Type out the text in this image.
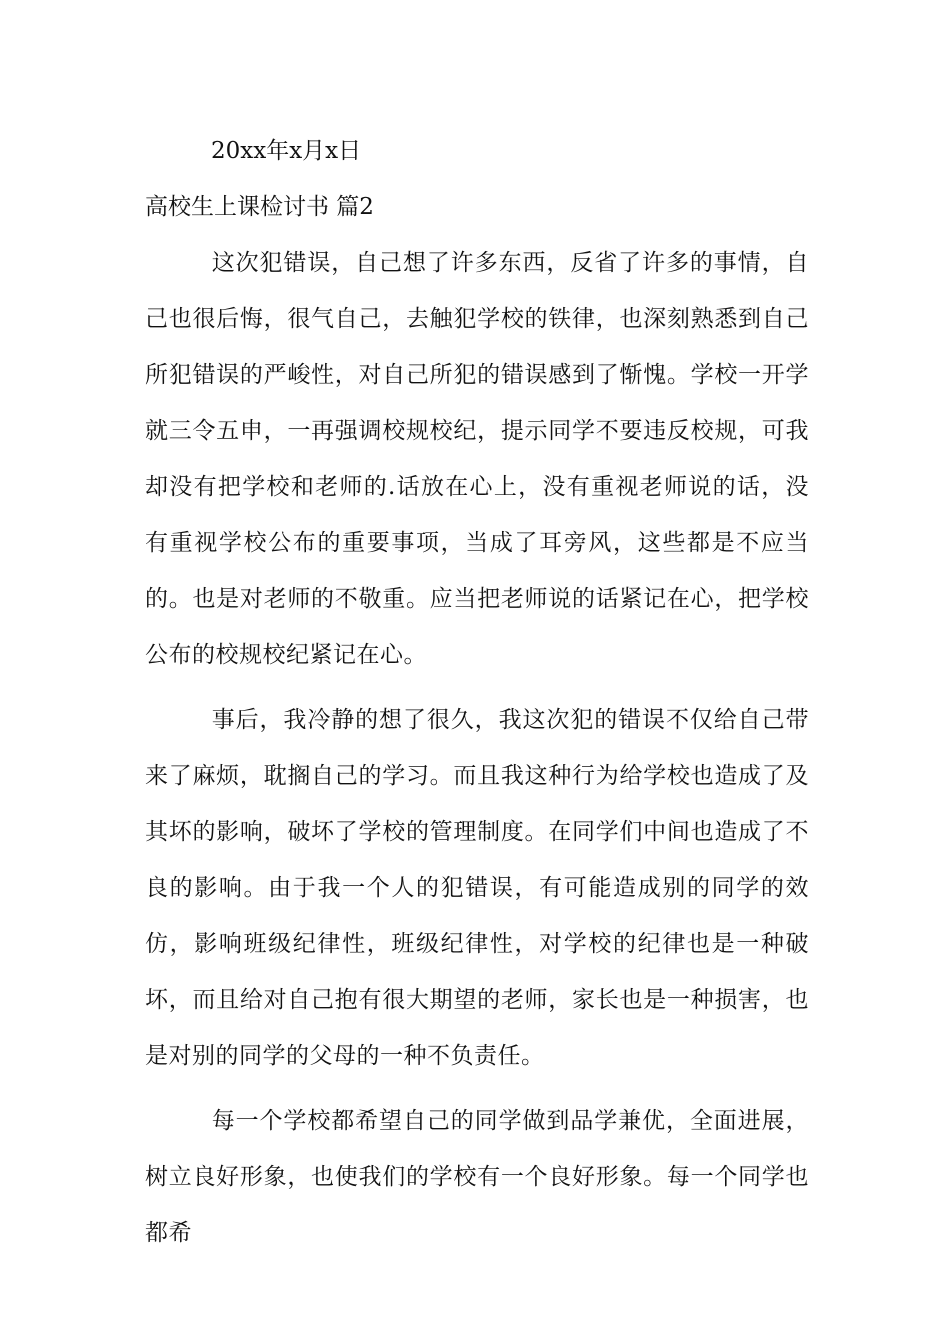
20xx年x月x日
高校生上课检讨书 篇2

这次犯错误，自己想了许多东西，反省了许多的事情，自己也很后悔，很气自己，去触犯学校的铁律，也深刻熟悉到自己所犯错误的严峻性，对自己所犯的错误感到了惭愧。学校一开学就三令五申，一再强调校规校纪，提示同学不要违反校规，可我却没有把学校和老师的.话放在心上，没有重视老师说的话，没有重视学校公布的重要事项，当成了耳旁风，这些都是不应当的。也是对老师的不敬重。应当把老师说的话紧记在心，把学校公布的校规校纪紧记在心。

事后，我冷静的想了很久，我这次犯的错误不仅给自己带来了麻烦，耽搁自己的学习。而且我这种行为给学校也造成了及其坏的影响，破坏了学校的管理制度。在同学们中间也造成了不良的影响。由于我一个人的犯错误，有可能造成别的同学的效仿，影响班级纪律性，班级纪律性，对学校的纪律也是一种破坏，而且给对自己抱有很大期望的老师，家长也是一种损害，也是对别的同学的父母的一种不负责任。

每一个学校都希望自己的同学做到品学兼优，全面进展，树立良好形象，也使我们的学校有一个良好形象。每一个同学也都希
